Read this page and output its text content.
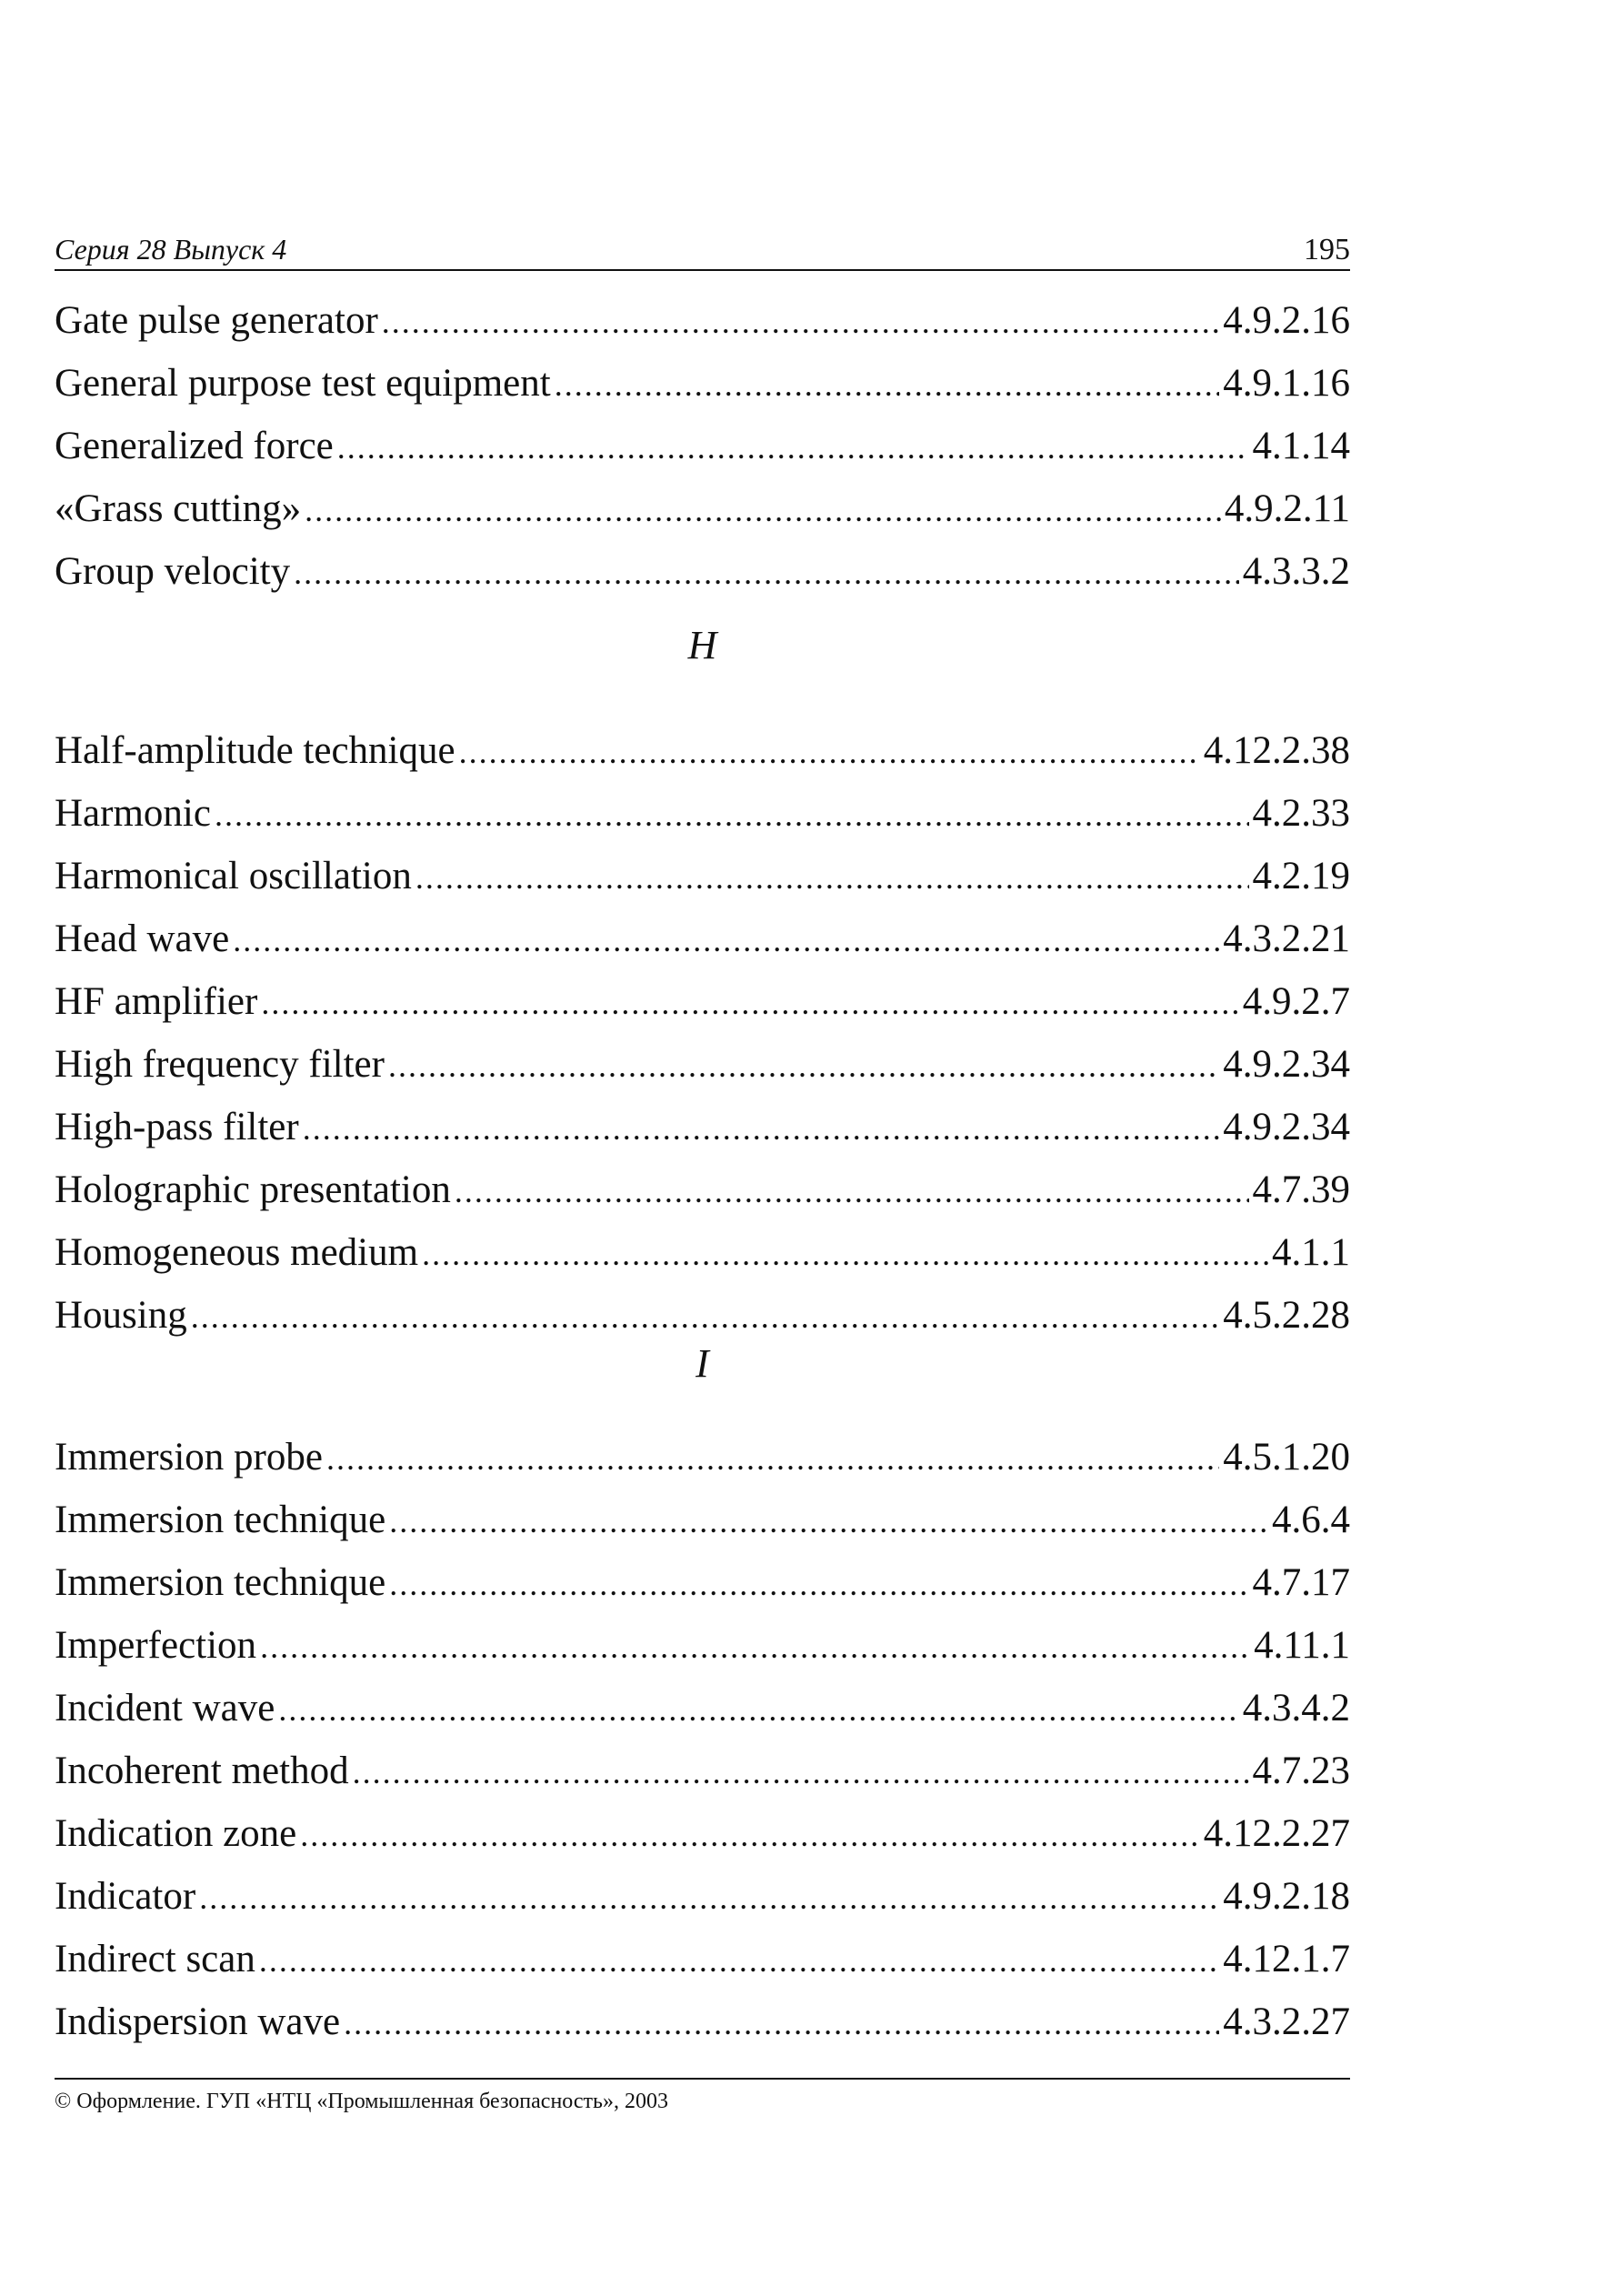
Серия 28 Выпуск 4	195
Gate pulse generator .....	4.9.2.16
General purpose test equipment .....	4.9.1.16
Generalized force .....	4.1.14
«Grass cutting» .....	4.9.2.11
Group velocity .....	4.3.3.2
H
Half-amplitude technique .....	4.12.2.38
Harmonic .....	4.2.33
Harmonical oscillation .....	4.2.19
Head wave .....	4.3.2.21
HF amplifier .....	4.9.2.7
High frequency filter .....	4.9.2.34
High-pass filter .....	4.9.2.34
Holographic presentation .....	4.7.39
Homogeneous medium .....	4.1.1
Housing .....	4.5.2.28
I
Immersion probe .....	4.5.1.20
Immersion technique .....	4.6.4
Immersion technique .....	4.7.17
Imperfection .....	4.11.1
Incident wave .....	4.3.4.2
Incoherent method .....	4.7.23
Indication zone .....	4.12.2.27
Indicator .....	4.9.2.18
Indirect scan .....	4.12.1.7
Indispersion wave .....	4.3.2.27
© Оформление. ГУП «НТЦ «Промышленная безопасность», 2003
